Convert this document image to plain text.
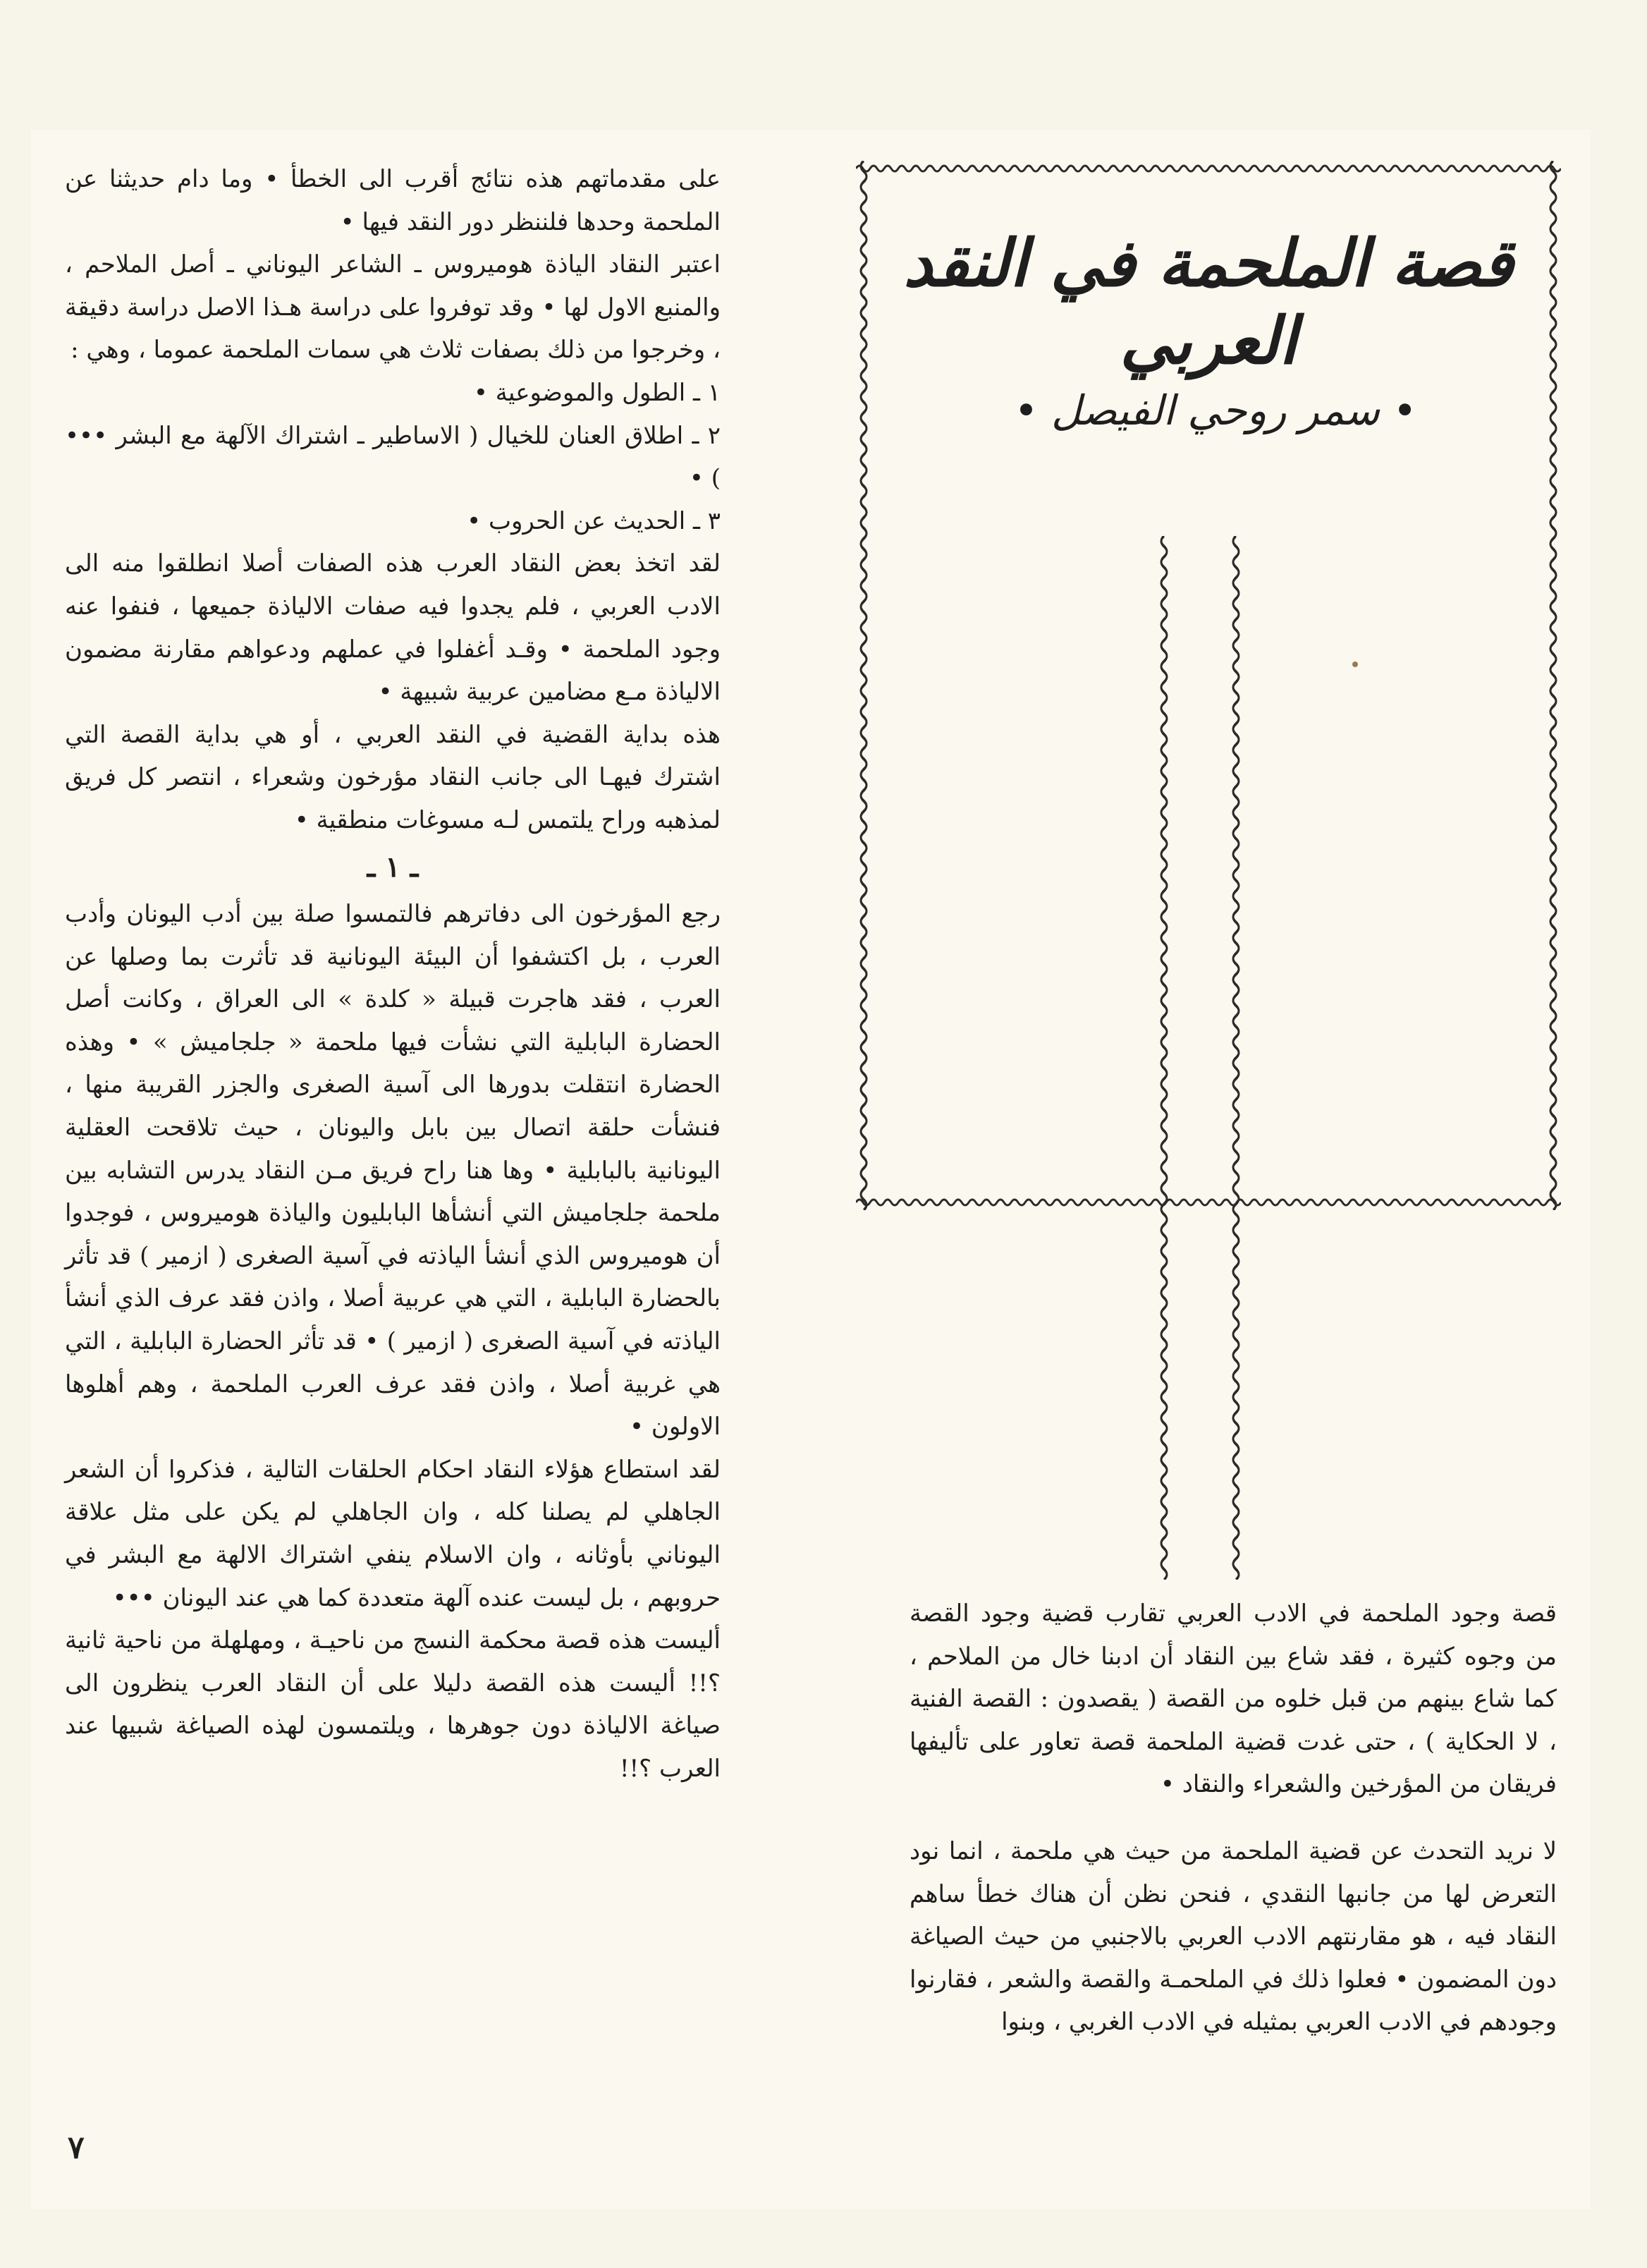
على مقدماتهم هذه نتائج أقرب الى الخطأ • وما دام حديثنا عن الملحمة وحدها فلننظر دور النقد فيها •

اعتبر النقاد الياذة هوميروس ـ الشاعر اليوناني ـ أصل الملاحم ، والمنبع الاول لها • وقد توفروا على دراسة هـذا الاصل دراسة دقيقة ، وخرجوا من ذلك بصفات ثلاث هي سمات الملحمة عموما ، وهي :

١ ـ الطول والموضوعية •

٢ ـ اطلاق العنان للخيال ( الاساطير ـ اشتراك الآلهة مع البشر ••• ) •

٣ ـ الحديث عن الحروب •

لقد اتخذ بعض النقاد العرب هذه الصفات أصلا انطلقوا منه الى الادب العربي ، فلم يجدوا فيه صفات الالياذة جميعها ، فنفوا عنه وجود الملحمة • وقـد أغفلوا في عملهم ودعواهم مقارنة مضمون الالياذة مـع مضامين عربية شبيهة •

هذه بداية القضية في النقد العربي ، أو هي بداية القصة التي اشترك فيهـا الى جانب النقاد مؤرخون وشعراء ، انتصر كل فريق لمذهبه وراح يلتمس لـه مسوغات منطقية •

ـ ١ ـ

رجع المؤرخون الى دفاترهم فالتمسوا صلة بين أدب اليونان وأدب العرب ، بل اكتشفوا أن البيئة اليونانية قد تأثرت بما وصلها عن العرب ، فقد هاجرت قبيلة « كلدة » الى العراق ، وكانت أصل الحضارة البابلية التي نشأت فيها ملحمة « جلجاميش » • وهذه الحضارة انتقلت بدورها الى آسية الصغرى والجزر القريبة منها ، فنشأت حلقة اتصال بين بابل واليونان ، حيث تلاقحت العقلية اليونانية بالبابلية • وها هنا راح فريق مـن النقاد يدرس التشابه بين ملحمة جلجاميش التي أنشأها البابليون والياذة هوميروس ، فوجدوا أن هوميروس الذي أنشأ الياذته في آسية الصغرى ( ازمير ) قد تأثر بالحضارة البابلية ، التي هي عربية أصلا ، واذن فقد عرف الذي أنشأ الياذته في آسية الصغرى ( ازمير ) • قد تأثر الحضارة البابلية ، التي هي غربية أصلا ، واذن فقد عرف العرب الملحمة ، وهم أهلوها الاولون •

لقد استطاع هؤلاء النقاد احكام الحلقات التالية ، فذكروا أن الشعر الجاهلي لم يصلنا كله ، وان الجاهلي لم يكن على مثل علاقة اليوناني بأوثانه ، وان الاسلام ينفي اشتراك الالهة مع البشر في حروبهم ، بل ليست عنده آلهة متعددة كما هي عند اليونان •••

أليست هذه قصة محكمة النسج من ناحيـة ، ومهلهلة من ناحية ثانية ؟!! أليست هذه القصة دليلا على أن النقاد العرب ينظرون الى صياغة الالياذة دون جوهرها ، ويلتمسون لهذه الصياغة شبيها عند العرب ؟!!

٧
قصة الملحمة في النقد العربي
• سمر روحي الفيصل •

قصة وجود الملحمة في الادب العربي تقارب قضية وجود القصة من وجوه كثيرة ، فقد شاع بين النقاد أن ادبنا خال من الملاحم ، كما شاع بينهم من قبل خلوه من القصة ( يقصدون : القصة الفنية ، لا الحكاية ) ، حتى غدت قضية الملحمة قصة تعاور على تأليفها فريقان من المؤرخين والشعراء والنقاد •

لا نريد التحدث عن قضية الملحمة من حيث هي ملحمة ، انما نود التعرض لها من جانبها النقدي ، فنحن نظن أن هناك خطأ ساهم النقاد فيه ، هو مقارنتهم الادب العربي بالاجنبي من حيث الصياغة دون المضمون • فعلوا ذلك في الملحمـة والقصة والشعر ، فقارنوا وجودهم في الادب العربي بمثيله في الادب الغربي ، وبنوا
